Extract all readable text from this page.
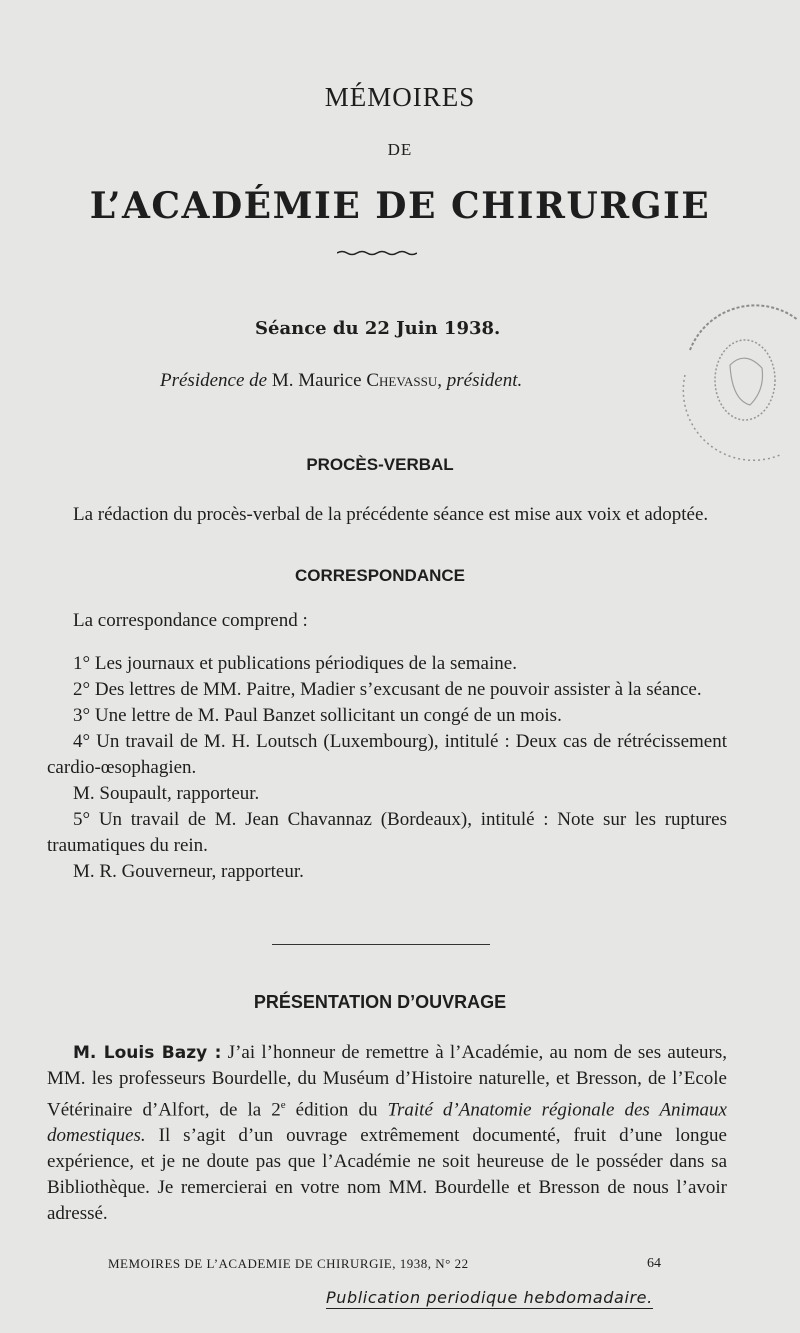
MÉMOIRES
DE
L’ACADÉMIE DE CHIRURGIE
Séance du 22 Juin 1938.
Présidence de M. Maurice Chevassu, président.
PROCÈS-VERBAL
La rédaction du procès-verbal de la précédente séance est mise aux voix et adoptée.
CORRESPONDANCE
La correspondance comprend :
1° Les journaux et publications périodiques de la semaine.
2° Des lettres de MM. Paitre, Madier s’excusant de ne pouvoir assister à la séance.
3° Une lettre de M. Paul Banzet sollicitant un congé de un mois.
4° Un travail de M. H. Loutsch (Luxembourg), intitulé : Deux cas de rétrécissement cardio-œsophagien.
M. Soupault, rapporteur.
5° Un travail de M. Jean Chavannaz (Bordeaux), intitulé : Note sur les ruptures traumatiques du rein.
M. R. Gouverneur, rapporteur.
PRÉSENTATION D’OUVRAGE
M. Louis Bazy : J’ai l’honneur de remettre à l’Académie, au nom de ses auteurs, MM. les professeurs Bourdelle, du Muséum d’Histoire naturelle, et Bresson, de l’Ecole Vétérinaire d’Alfort, de la 2e édition du Traité d’Anatomie régionale des Animaux domestiques. Il s’agit d’un ouvrage extrêmement documenté, fruit d’une longue expérience, et je ne doute pas que l’Académie ne soit heureuse de le posséder dans sa Bibliothèque. Je remercierai en votre nom MM. Bourdelle et Bresson de nous l’avoir adressé.
MEMOIRES DE L’ACADEMIE DE CHIRURGIE, 1938, N° 22	64
Publication periodique hebdomadaire.
